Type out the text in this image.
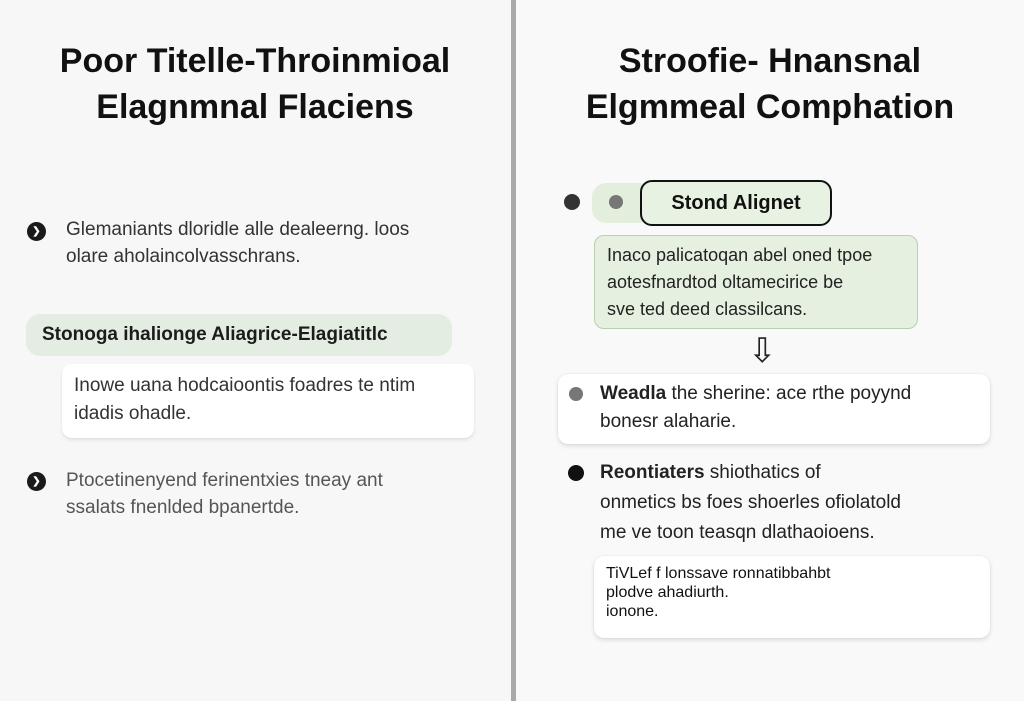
Poor Titelle-Throinmioal
Elagnmnal Flaciens
❯ Glemaniants dloridle alle dealeerng. loos
olare aholaincolvasschrans.
Stonoga ihalionge Aliagrice-Elagiatitlc
Inowe uana hodcaioontis foadres te ntim
idadis ohadle.
❯ Ptocetinenyend ferinentxies tneay ant
ssalats fnenlded bpanertde.
Stroofie- Hnansnal
Elgmmeal Comphation
Stond Alignet
Inaco palicatoqan abel oned tpoe
aotesfnardtod oltamecirice be
sve ted deed classilcans.
⇩
Weadla the sherine: ace rthe poyynd
bonesr alaharie.
Reontiaters shiothatics of
onmetics bs foes shoerles ofiolatold
me ve toon teasqn dlathaoioens.
TiVLef f lonssave ronnatibbahbt
plodve ahadiurth.
ionone.
